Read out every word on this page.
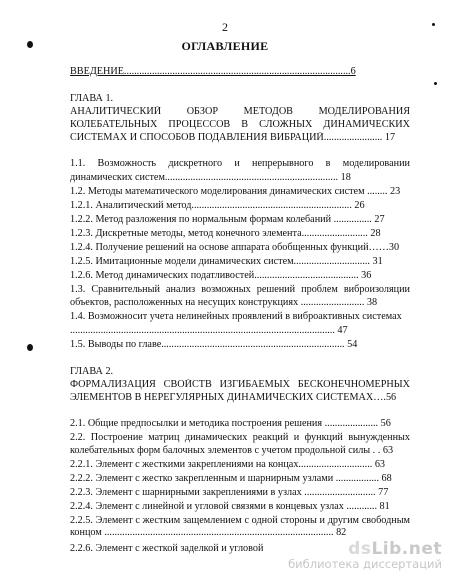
2
ОГЛАВЛЕНИЕ
ВВЕДЕНИЕ.........................................................................................6
ГЛАВА 1.
АНАЛИТИЧЕСКИЙ ОБЗОР МЕТОДОВ МОДЕЛИРОВАНИЯ
КОЛЕБАТЕЛЬНЫХ ПРОЦЕССОВ В СЛОЖНЫХ ДИНАМИЧЕСКИХ
СИСТЕМАХ И СПОСОБОВ ПОДАВЛЕНИЯ ВИБРАЦИЙ....................... 17
1.1. Возможность дискретного и непрерывного в моделировании
динамических систем.................................................................... 18
1.2. Методы математического моделирования динамических систем ........ 23
1.2.1. Аналитический метод............................................................... 26
1.2.2. Метод разложения по нормальным формам колебаний ............... 27
1.2.3. Дискретные методы, метод конечного элемента.......................... 28
1.2.4. Получение решений на основе аппарата обобщенных функций……30
1.2.5. Имитационные модели динамических систем.............................. 31
1.2.6. Метод динамических податливостей......................................... 36
1.3. Сравнительный анализ возможных решений проблем виброизоляции
объектов, расположенных на несущих конструкциях ......................... 38
1.4. Возможносит учета нелинейных проявлений в виброактивных системах
........................................................................................................ 47
1.5. Выводы по главе........................................................................ 54
ГЛАВА 2.
ФОРМАЛИЗАЦИЯ СВОЙСТВ ИЗГИБАЕМЫХ БЕСКОНЕЧНОМЕРНЫХ
ЭЛЕМЕНТОВ В НЕРЕГУЛЯРНЫХ ДИНАМИЧЕСКИХ СИСТЕМАХ….56
2.1. Общие предпосылки и методика построения решения ..................... 56
2.2. Построение матриц динамических реакций и функций вынужденных
колебательных форм балочных элементов с учетом продольной силы . . 63
2.2.1. Элемент с жесткими закреплениями на концах............................. 63
2.2.2. Элемент с жестко закрепленным и шарнирным узлами ................. 68
2.2.3. Элемент с шарнирными закреплениями в узлах ............................ 77
2.2.4. Элемент с линейной и угловой связями в концевых узлах ............ 81
2.2.5. Элемент с жестким защемлением с одной стороны и другим свободным
концом .......................................................................................... 82
2.2.6. Элемент с жесткой заделкой и угловой	dsLib.net
библиотека диссертаций
